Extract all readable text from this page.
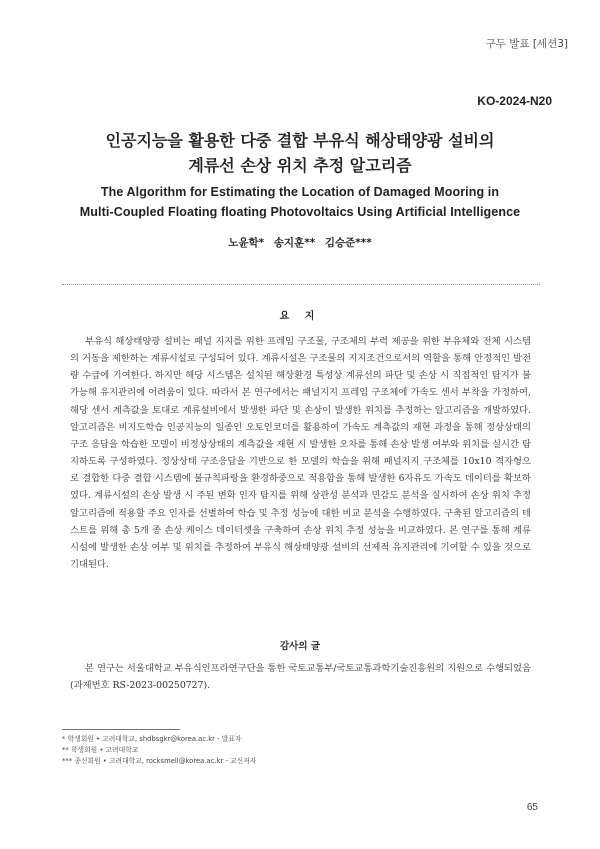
구두 발표 [세션3]
KO-2024-N20
인공지능을 활용한 다중 결합 부유식 해상태양광 설비의
계류선 손상 위치 추정 알고리즘
The Algorithm for Estimating the Location of Damaged Mooring in
Multi-Coupled Floating floating Photovoltaics Using Artificial Intelligence
노윤학* 송지훈** 김승준***
요 지

부유식 해상태양광 설비는 패널 지지를 위한 프레임 구조물, 구조체의 부력 제공을 위한 부유체와 전체 시스템의 거동을 제한하는 계류시설로 구성되어 있다. 계류시설은 구조물의 지지조건으로서의 역할을 통해 안정적인 발전량 수급에 기여한다. 하지만 해당 시스템은 설치된 해상환경 특성상 계류선의 파단 및 손상 시 직접적인 탐지가 불가능해 유지관리에 어려움이 있다. 따라서 본 연구에서는 패널지지 프레임 구조체에 가속도 센서 부착을 가정하여, 해당 센서 계측값을 토대로 계류설비에서 발생한 파단 및 손상이 발생한 위치를 추정하는 알고리즘을 개발하였다. 알고리즘은 비지도학습 인공지능의 일종인 오토인코더를 활용하여 가속도 계측값의 재현 과정을 통해 정상상태의 구조 응답을 학습한 모델이 비정상상태의 계측값을 재현 시 발생한 오차를 통해 손상 발생 여부와 위치를 실시간 탐지하도록 구성하였다. 정상상태 구조응답을 기반으로 한 모델의 학습을 위해 패널지지 구조체를 10x10 격자형으로 결합한 다중 결합 시스템에 불규칙파랑을 환경하중으로 적용함을 통해 발생한 6자유도 가속도 데이터를 확보하였다. 계류시설의 손상 발생 시 주된 변화 인자 탐지를 위해 상관성 분석과 민감도 분석을 실시하여 손상 위치 추정 알고리즘에 적용할 주요 인자를 선별하여 학습 및 추정 성능에 대한 비교 분석을 수행하였다. 구축된 알고리즘의 테스트를 위해 총 5개 종 손상 케이스 데이터셋을 구축하여 손상 위치 추정 성능을 비교하였다. 본 연구를 통해 계류 시설에 발생한 손상 여부 및 위치를 추정하여 부유식 해상태양광 설비의 선제적 유지관리에 기여할 수 있을 것으로 기대된다.

감사의 글

본 연구는 서울대학교 부유식인프라연구단을 통한 국토교통부/국토교통과학기술진흥원의 지원으로 수행되었음(과제번호 RS-2023-00250727).

* 학생회원 • 고려대학교, shdbsgkr@korea.ac.kr - 발표자
** 학생회원 • 고려대학교
*** 종신회원 • 고려대학교, rocksmell@korea.ac.kr - 교신저자
65
